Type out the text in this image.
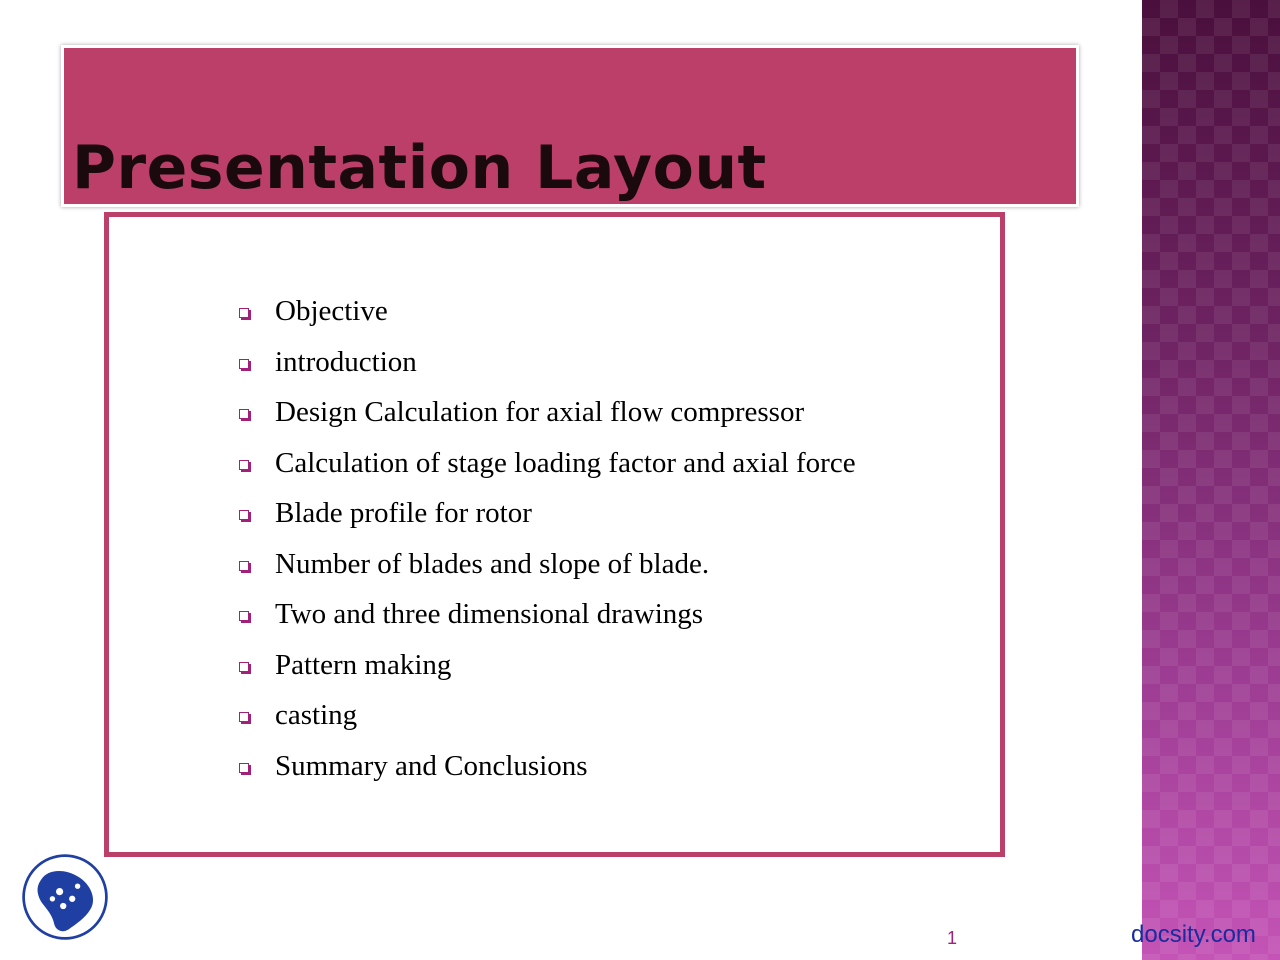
Presentation Layout
Objective
introduction
Design Calculation for axial flow compressor
Calculation of stage loading factor and axial force
Blade profile for rotor
Number of blades and slope of blade.
Two and three dimensional drawings
Pattern making
casting
Summary and Conclusions
1	docsity.com
